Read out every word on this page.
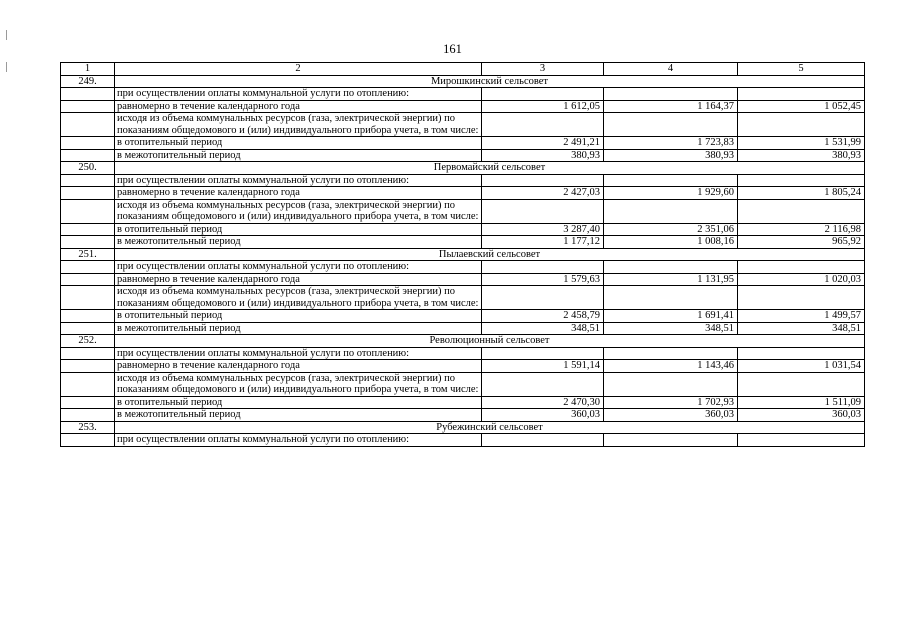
161
1	2	3	4	5
249.	Мирошкинский сельсовет			
	при осуществлении оплаты коммунальной услуги по отоплению:			
	равномерно в течение календарного года	1 612,05	1 164,37	1 052,45
	исходя из объема коммунальных ресурсов (газа, электрической энергии) по показаниям общедомового и (или) индивидуального прибора учета, в том числе:			
	в отопительный период	2 491,21	1 723,83	1 531,99
	в межотопительный период	380,93	380,93	380,93
250.	Первомайский сельсовет			
	при осуществлении оплаты коммунальной услуги по отоплению:			
	равномерно в течение календарного года	2 427,03	1 929,60	1 805,24
	исходя из объема коммунальных ресурсов (газа, электрической энергии) по показаниям общедомового и (или) индивидуального прибора учета, в том числе:			
	в отопительный период	3 287,40	2 351,06	2 116,98
	в межотопительный период	1 177,12	1 008,16	965,92
251.	Пылаевский сельсовет			
	при осуществлении оплаты коммунальной услуги по отоплению:			
	равномерно в течение календарного года	1 579,63	1 131,95	1 020,03
	исходя из объема коммунальных ресурсов (газа, электрической энергии) по показаниям общедомового и (или) индивидуального прибора учета, в том числе:			
	в отопительный период	2 458,79	1 691,41	1 499,57
	в межотопительный период	348,51	348,51	348,51
252.	Революционный сельсовет			
	при осуществлении оплаты коммунальной услуги по отоплению:			
	равномерно в течение календарного года	1 591,14	1 143,46	1 031,54
	исходя из объема коммунальных ресурсов (газа, электрической энергии) по показаниям общедомового и (или) индивидуального прибора учета, в том числе:			
	в отопительный период	2 470,30	1 702,93	1 511,09
	в межотопительный период	360,03	360,03	360,03
253.	Рубежинский сельсовет			
	при осуществлении оплаты коммунальной услуги по отоплению:			
